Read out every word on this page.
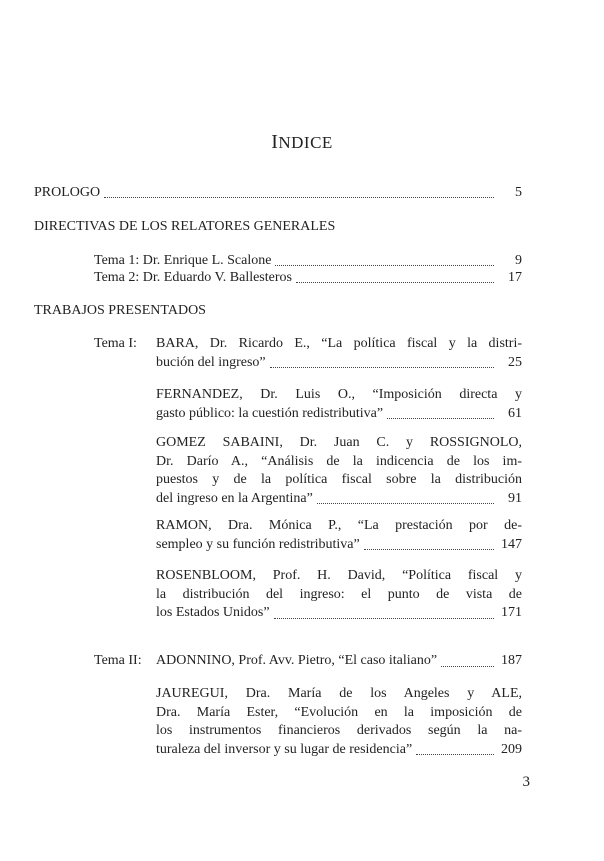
INDICE
PROLOGO	5
DIRECTIVAS DE LOS RELATORES GENERALES
Tema 1: Dr. Enrique L. Scalone	9
Tema 2: Dr. Eduardo V. Ballesteros	17
TRABAJOS PRESENTADOS
Tema I: BARA, Dr. Ricardo E., “La política fiscal y la distri-
bución del ingreso”	25
FERNANDEZ, Dr. Luis O., “Imposición directa y
gasto público: la cuestión redistributiva”	61
GOMEZ SABAINI, Dr. Juan C. y ROSSIGNOLO,
Dr. Darío A., “Análisis de la indicencia de los im-
puestos y de la política fiscal sobre la distribución
del ingreso en la Argentina”	91
RAMON, Dra. Mónica P., “La prestación por de-
sempleo y su función redistributiva”	147
ROSENBLOOM, Prof. H. David, “Política fiscal y
la distribución del ingreso: el punto de vista de
los Estados Unidos”	171
Tema II: ADONNINO, Prof. Avv. Pietro, “El caso italiano”	187
JAUREGUI, Dra. María de los Angeles y ALE,
Dra. María Ester, “Evolución en la imposición de
los instrumentos financieros derivados según la na-
turaleza del inversor y su lugar de residencia”	209
3
